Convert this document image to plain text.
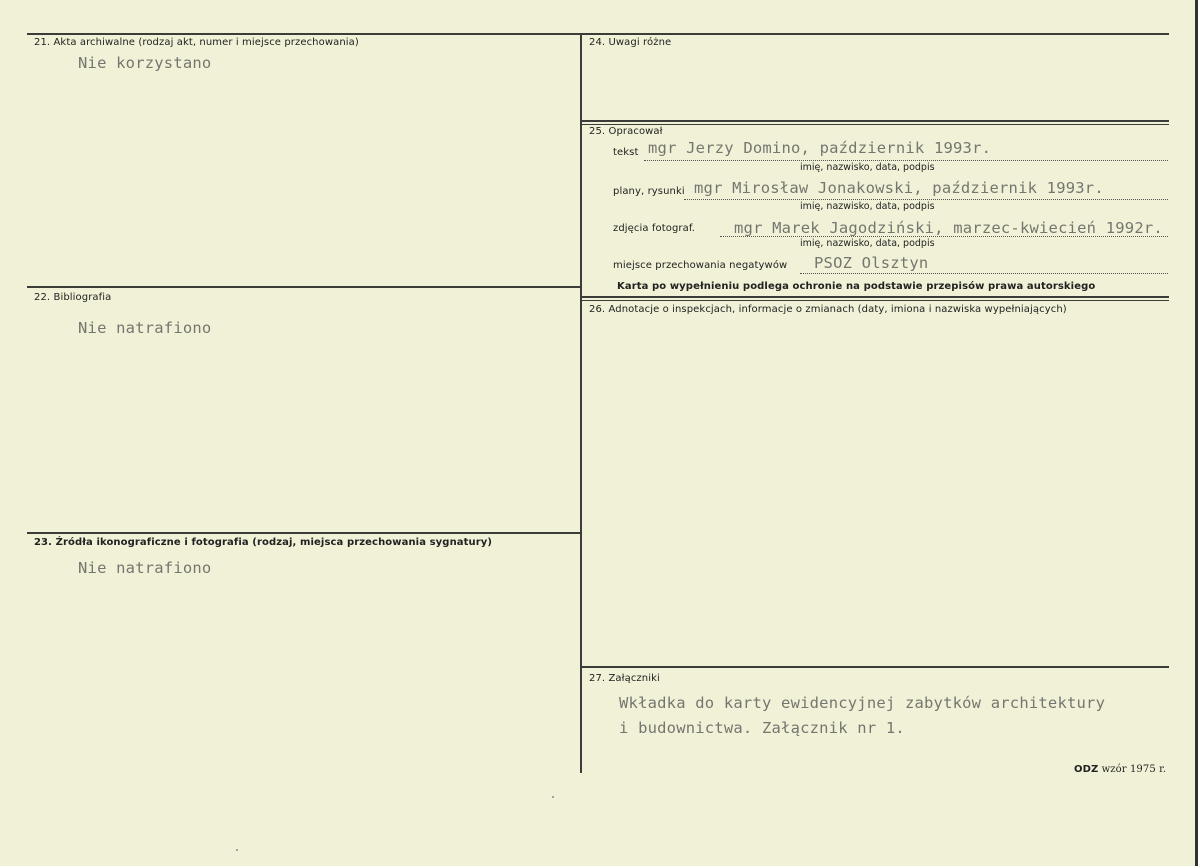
21. Akta archiwalne (rodzaj akt, numer i miejsce przechowania)
Nie korzystano
22. Bibliografia
Nie natrafiono
23. Źródła ikonograficzne i fotografia (rodzaj, miejsca przechowania sygnatury)
Nie natrafiono
24. Uwagi różne
25. Opracował
tekst mgr Jerzy Domino, październik 1993r.
imię, nazwisko, data, podpis
plany, rysunki mgr Mirosław Jonakowski, październik 1993r.
imię, nazwisko, data, podpis
zdjęcia fotograf.	mgr Marek Jagodziński, marzec-kwiecień 1992r.
imię, nazwisko, data, podpis
miejsce przechowania negatywów PSOZ Olsztyn
Karta po wypełnieniu podlega ochronie na podstawie przepisów prawa autorskiego
26. Adnotacje o inspekcjach, informacje o zmianach (daty, imiona i nazwiska wypełniających)
27. Załączniki
Wkładka do karty ewidencyjnej zabytków architektury
i budownictwa. Załącznik nr 1.
ODZ wzór 1975 r.
